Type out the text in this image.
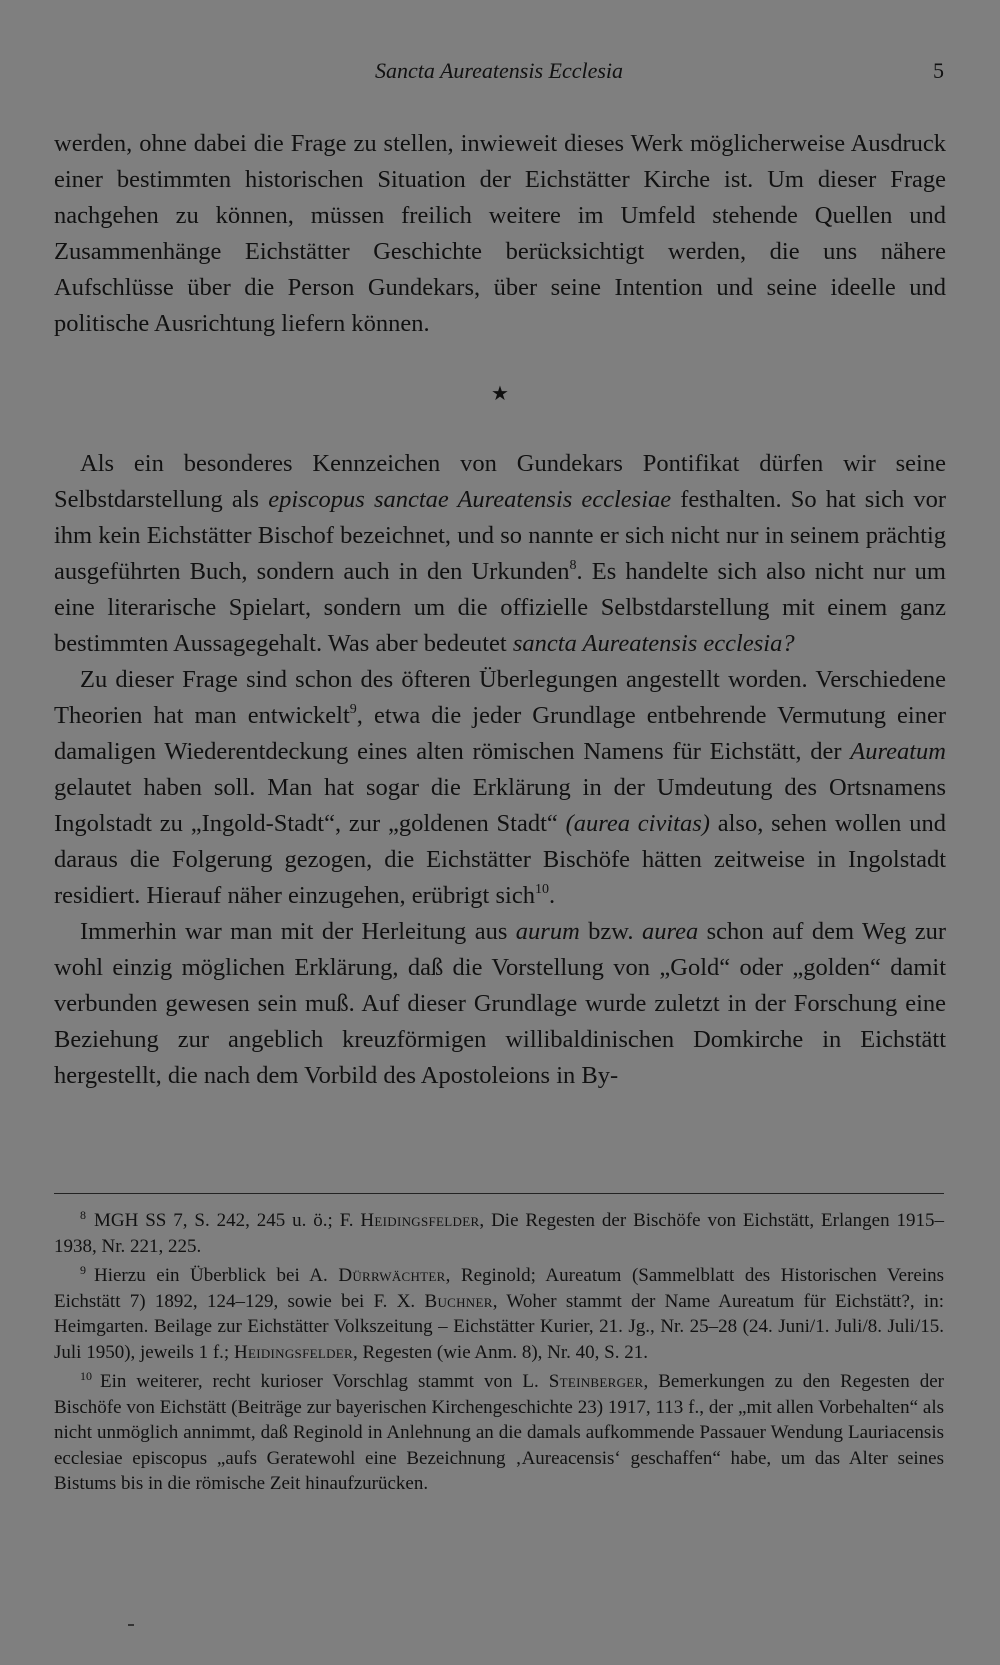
Sancta Aureatensis Ecclesia	5

werden, ohne dabei die Frage zu stellen, inwieweit dieses Werk möglicherweise Ausdruck einer bestimmten historischen Situation der Eichstätter Kirche ist. Um dieser Frage nachgehen zu können, müssen freilich weitere im Umfeld stehende Quellen und Zusammenhänge Eichstätter Geschichte berücksichtigt werden, die uns nähere Aufschlüsse über die Person Gundekars, über seine Intention und seine ideelle und politische Ausrichtung liefern können.

★

Als ein besonderes Kennzeichen von Gundekars Pontifikat dürfen wir seine Selbstdarstellung als episcopus sanctae Aureatensis ecclesiae festhalten. So hat sich vor ihm kein Eichstätter Bischof bezeichnet, und so nannte er sich nicht nur in seinem prächtig ausgeführten Buch, sondern auch in den Urkunden$^8$. Es handelte sich also nicht nur um eine literarische Spielart, sondern um die offizielle Selbstdarstellung mit einem ganz bestimmten Aussagegehalt. Was aber bedeutet sancta Aureatensis ecclesia?

Zu dieser Frage sind schon des öfteren Überlegungen angestellt worden. Verschiedene Theorien hat man entwickelt$^9$, etwa die jeder Grundlage entbehrende Vermutung einer damaligen Wiederentdeckung eines alten römischen Namens für Eichstätt, der Aureatum gelautet haben soll. Man hat sogar die Erklärung in der Umdeutung des Ortsnamens Ingolstadt zu „Ingold-Stadt“, zur „goldenen Stadt“ (aurea civitas) also, sehen wollen und daraus die Folgerung gezogen, die Eichstätter Bischöfe hätten zeitweise in Ingolstadt residiert. Hierauf näher einzugehen, erübrigt sich$^{10}$.

Immerhin war man mit der Herleitung aus aurum bzw. aurea schon auf dem Weg zur wohl einzig möglichen Erklärung, daß die Vorstellung von „Gold“ oder „golden“ damit verbunden gewesen sein muß. Auf dieser Grundlage wurde zuletzt in der Forschung eine Beziehung zur angeblich kreuzförmigen willibaldinischen Domkirche in Eichstätt hergestellt, die nach dem Vorbild des Apostoleions in By-

$^8$ MGH SS 7, S. 242, 245 u. ö.; F. Heidingsfelder, Die Regesten der Bischöfe von Eichstätt, Erlangen 1915–1938, Nr. 221, 225.

$^9$ Hierzu ein Überblick bei A. Dürrwächter, Reginold; Aureatum (Sammelblatt des Historischen Vereins Eichstätt 7) 1892, 124–129, sowie bei F. X. Buchner, Woher stammt der Name Aureatum für Eichstätt?, in: Heimgarten. Beilage zur Eichstätter Volkszeitung – Eichstätter Kurier, 21. Jg., Nr. 25–28 (24. Juni/1. Juli/8. Juli/15. Juli 1950), jeweils 1 f.; Heidingsfelder, Regesten (wie Anm. 8), Nr. 40, S. 21.

$^{10}$ Ein weiterer, recht kurioser Vorschlag stammt von L. Steinberger, Bemerkungen zu den Regesten der Bischöfe von Eichstätt (Beiträge zur bayerischen Kirchengeschichte 23) 1917, 113 f., der „mit allen Vorbehalten“ als nicht unmöglich annimmt, daß Reginold in Anlehnung an die damals aufkommende Passauer Wendung Lauriacensis ecclesiae episcopus „aufs Geratewohl eine Bezeichnung ‚Aureacensis‘ geschaffen“ habe, um das Alter seines Bistums bis in die römische Zeit hinaufzurücken.
